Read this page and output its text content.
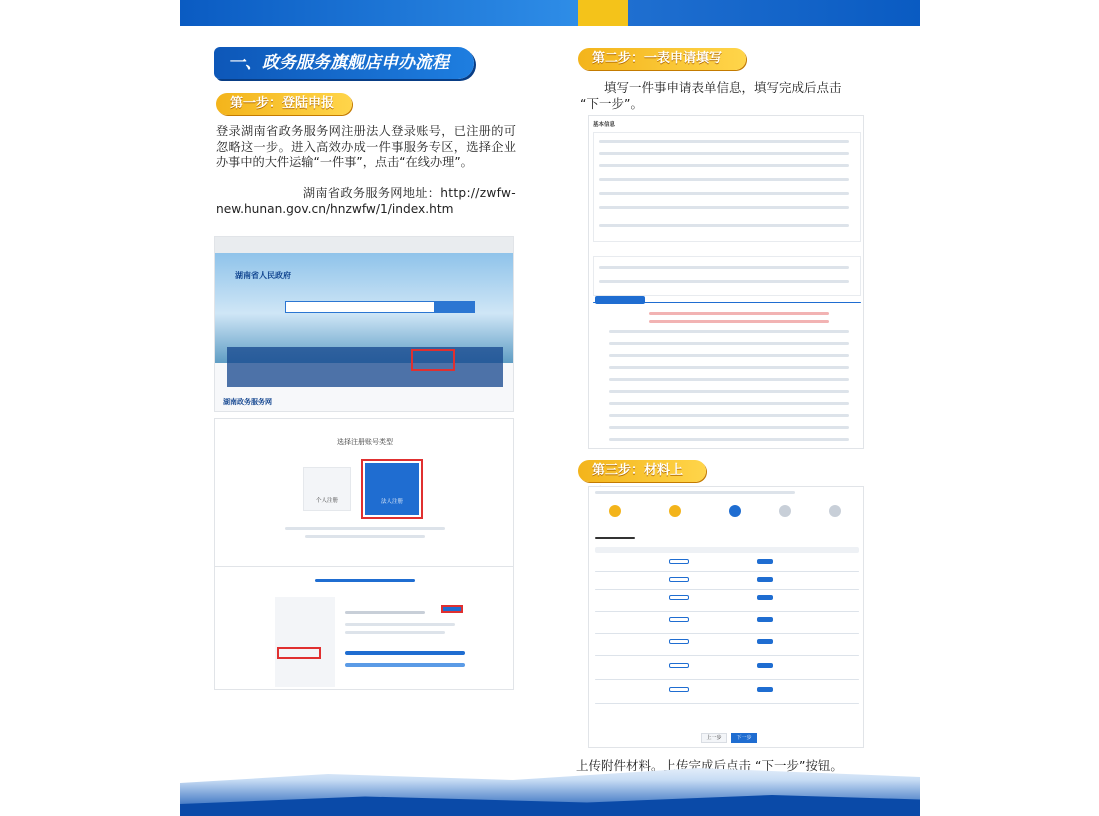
一、政务服务旗舰店申办流程
第一步：登陆申报
登录湖南省政务服务网注册法人登录账号，已注册的可忽略这一步。进入高效办成一件事服务专区，选择企业办事中的大件运输“一件事”，点击“在线办理”。
湖南省政务服务网地址：http://zwfw-
new.hunan.gov.cn/hnzwfw/1/index.htm
湖南省人民政府
湖南政务服务网
选择注册账号类型
个人注册	法人注册
第二步：一表申请填写
填写一件事申请表单信息，填写完成后点击
“下一步”。
基本信息
第三步：材料上
上一步	下一步
上传附件材料。上传完成后点击 “下一步”按钮。
